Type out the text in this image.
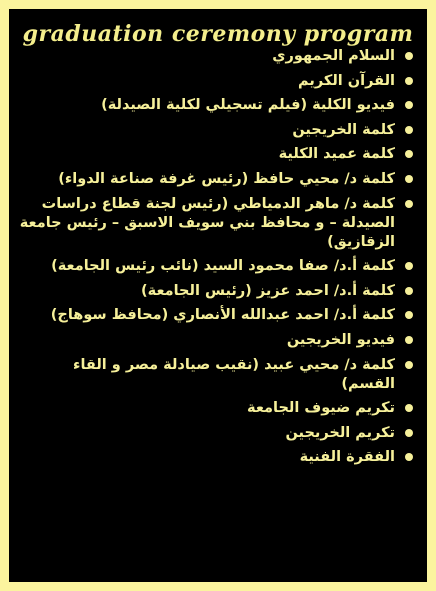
graduation ceremony program
السلام الجمهوري
القرآن الكريم
فيديو الكلية (فيلم تسجيلي لكلية الصيدلة)
كلمة الخريجين
كلمة عميد الكلية
كلمة د/ محيي حافظ (رئيس غرفة صناعة الدواء)
كلمة د/ ماهر الدمياطي (رئيس لجنة قطاع دراسات الصيدلة – و محافظ بني سويف الاسبق – رئيس جامعة الزقازيق)
كلمة أ.د/ صفا محمود السيد (نائب رئيس الجامعة)
كلمة أ.د/ احمد عزيز (رئيس الجامعة)
كلمة أ.د/ احمد عبدالله الأنصاري (محافظ سوهاج)
فيديو الخريجين
كلمة د/ محيي عبيد (نقيب صيادلة مصر و القاء القسم)
تكريم ضيوف الجامعة
تكريم الخريجين
الفقرة الفنية
